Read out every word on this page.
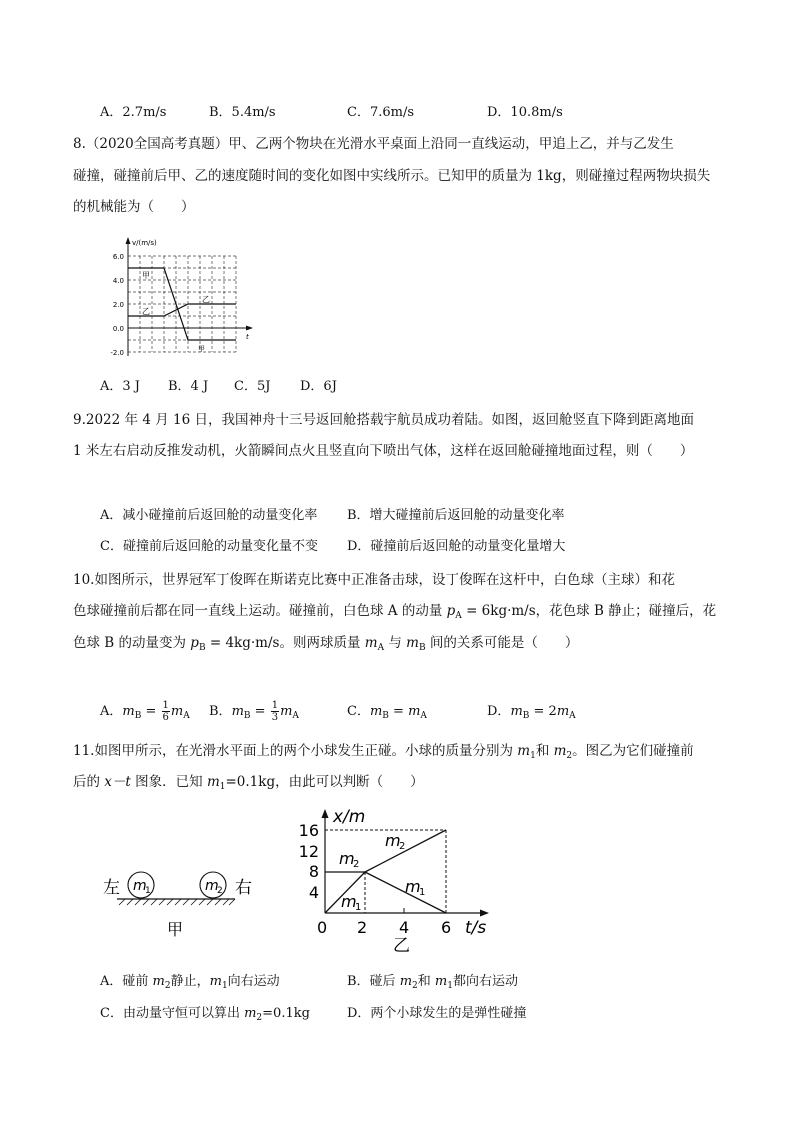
A．2.7m/s	B．5.4m/s	C．7.6m/s	D．10.8m/s
8.（2020全国高考真题）甲、乙两个物块在光滑水平桌面上沿同一直线运动，甲追上乙，并与乙发生
碰撞，碰撞前后甲、乙的速度随时间的变化如图中实线所示。已知甲的质量为 1kg，则碰撞过程两物块损失
的机械能为（　　）
v/(m/s)
t
6.0
4.0
2.0
0.0
-2.0
甲
乙
乙
甲
A．3 J B．4 J C．5J D．6J
9.2022 年 4 月 16 日，我国神舟十三号返回舱搭载宇航员成功着陆。如图，返回舱竖直下降到距离地面
1 米左右启动反推发动机，火箭瞬间点火且竖直向下喷出气体，这样在返回舱碰撞地面过程，则（　　）
A．减小碰撞前后返回舱的动量变化率 B．增大碰撞前后返回舱的动量变化率
C．碰撞前后返回舱的动量变化量不变 D．碰撞前后返回舱的动量变化量增大
10.如图所示，世界冠军丁俊晖在斯诺克比赛中正准备击球，设丁俊晖在这杆中，白色球（主球）和花
色球碰撞前后都在同一直线上运动。碰撞前，白色球 A 的动量 $p_A = 6kg\cdot m/s$，花色球 B 静止；碰撞后，花
色球 B 的动量变为 $p_B = 4kg\cdot m/s$。则两球质量 $m_A$ 与 $m_B$ 间的关系可能是（　　）
A．$m_B = \frac{1}{6} m_A$ B．$m_B = \frac{1}{3} m_A$	C．$m_B = m_A$	D．$m_B = 2m_A$
11.如图甲所示，在光滑水平面上的两个小球发生正碰。小球的质量分别为 $m_1$和 $m_2$。图乙为它们碰撞前
后的 x－t 图象．已知 $m_1=0.1kg$，由此可以判断（　　）
左 m
1	m
2 右
甲
x/m
t/s
16
12
8
4
0 2 4 6
乙
m
2
m
2
m
1
m
1
A．碰前 $m_2$静止，$m_1$向右运动	B．碰后 $m_2$和 $m_1$都向右运动
C．由动量守恒可以算出 $m_2=0.1kg$	D．两个小球发生的是弹性碰撞
